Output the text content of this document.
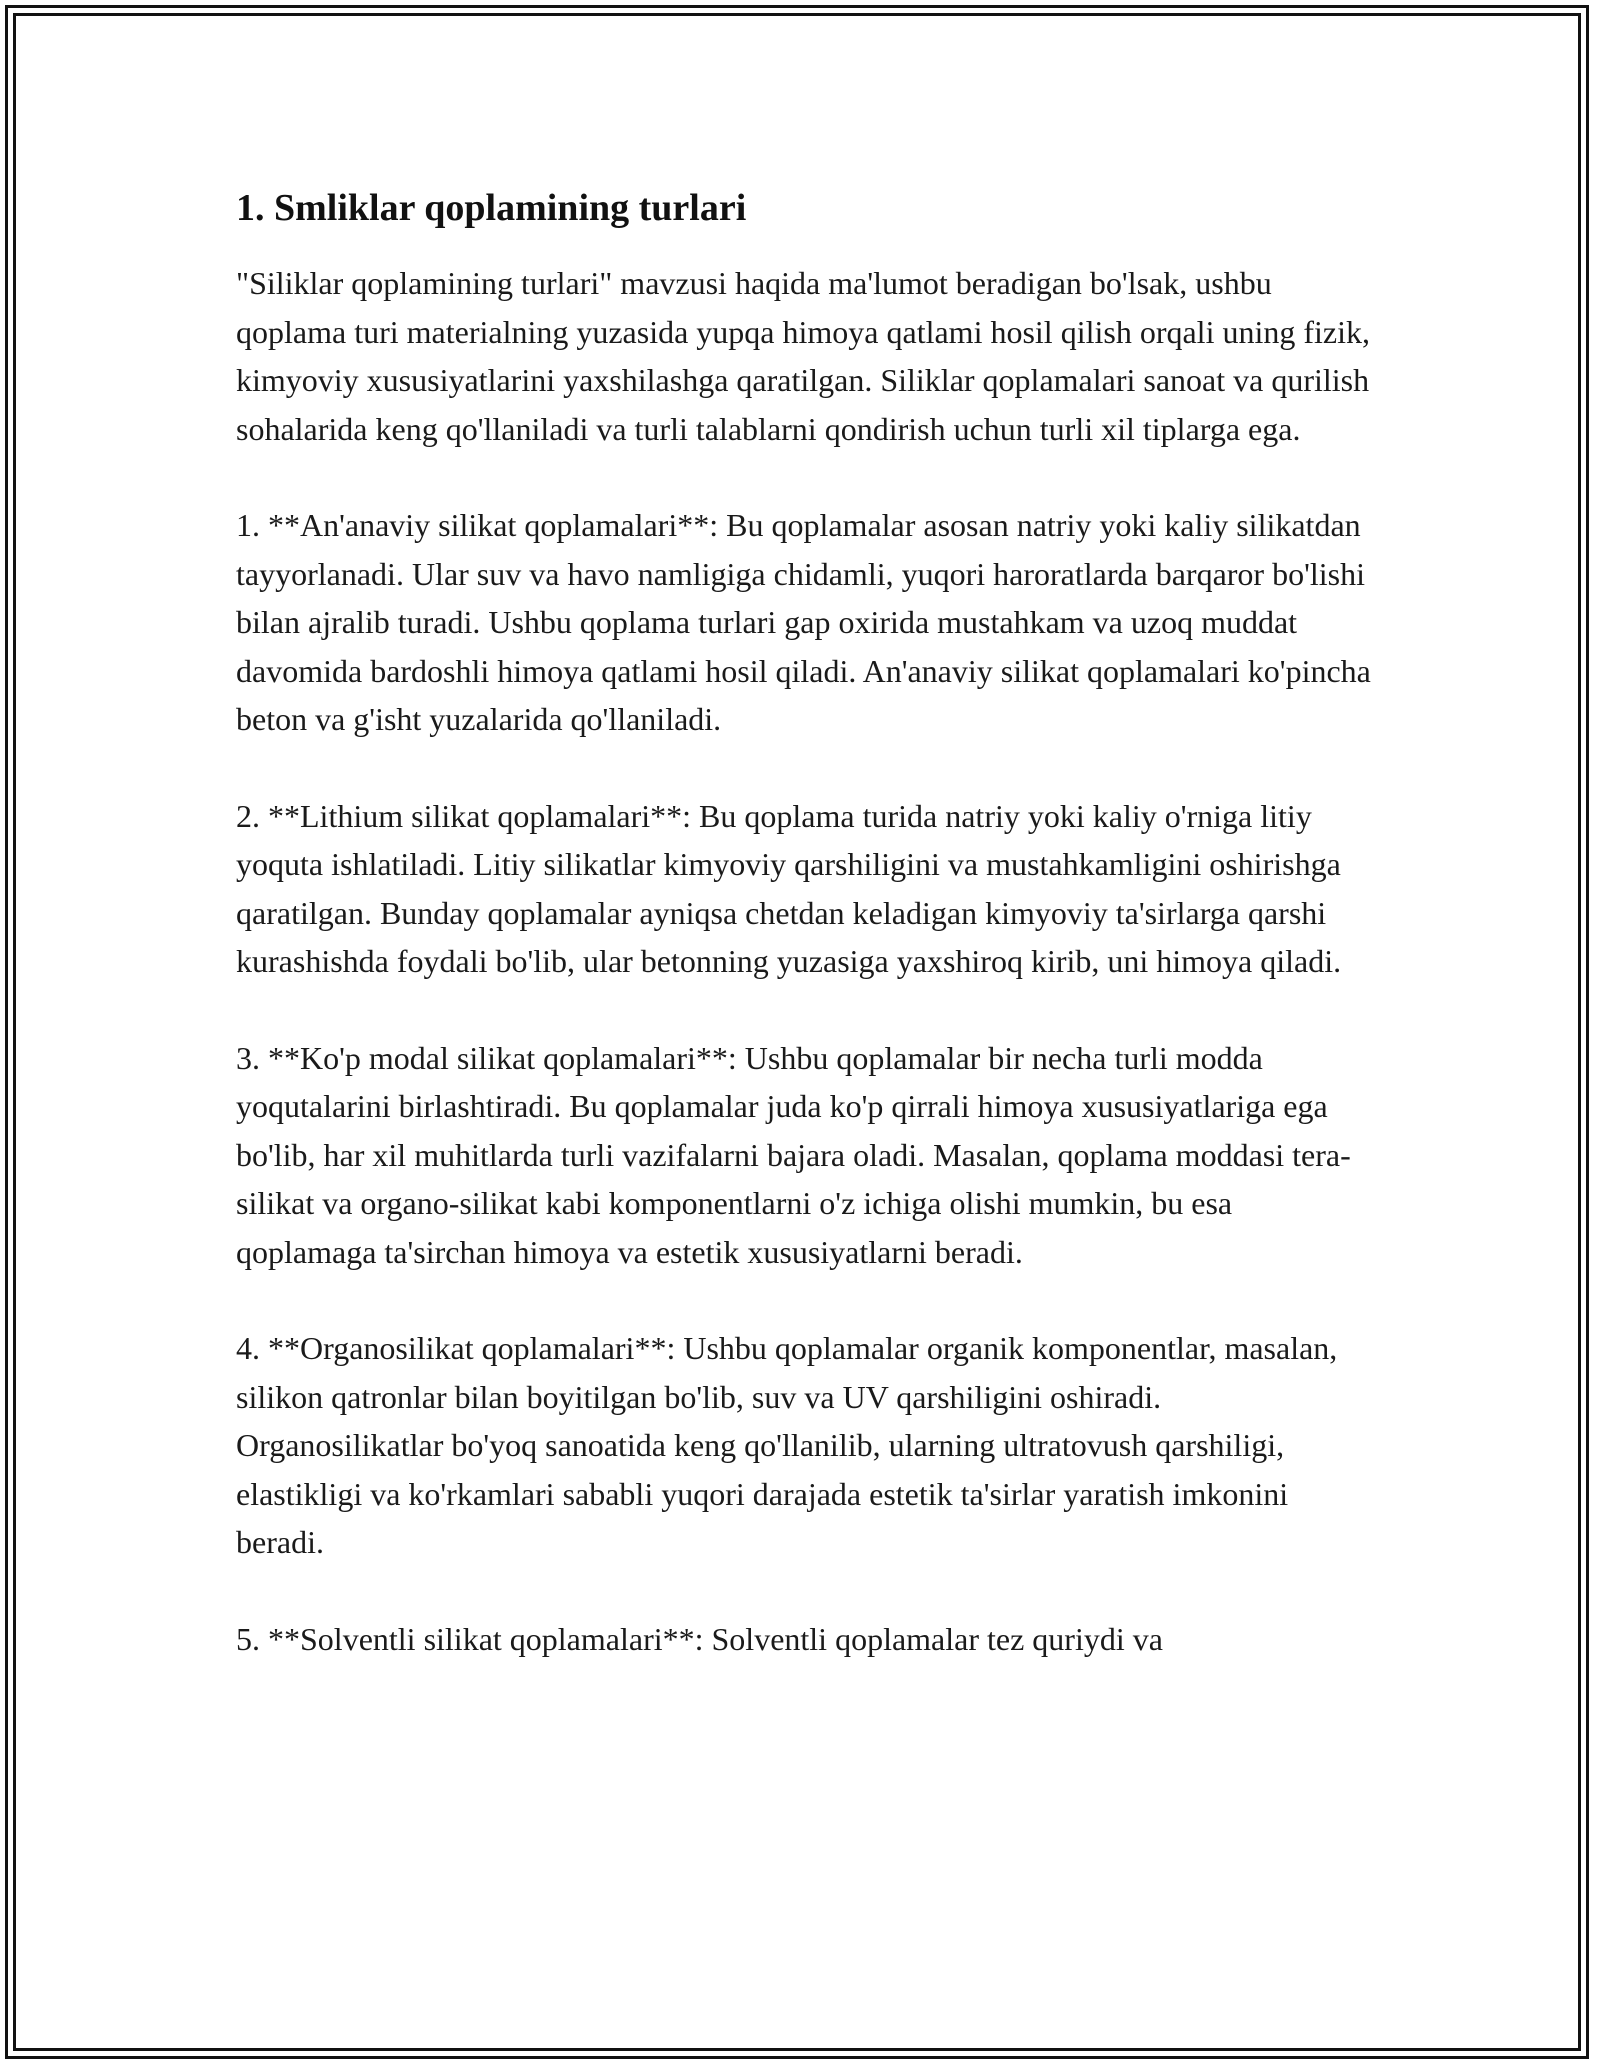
1. Smliklar qoplamining turlari

"Siliklar qoplamining turlari" mavzusi haqida ma'lumot beradigan bo'lsak, ushbu qoplama turi materialning yuzasida yupqa himoya qatlami hosil qilish orqali uning fizik, kimyoviy xususiyatlarini yaxshilashga qaratilgan. Siliklar qoplamalari sanoat va qurilish sohalarida keng qo'llaniladi va turli talablarni qondirish uchun turli xil tiplarga ega.

1. **An'anaviy silikat qoplamalari**: Bu qoplamalar asosan natriy yoki kaliy silikatdan tayyorlanadi. Ular suv va havo namligiga chidamli, yuqori haroratlarda barqaror bo'lishi bilan ajralib turadi. Ushbu qoplama turlari gap oxirida mustahkam va uzoq muddat davomida bardoshli himoya qatlami hosil qiladi. An'anaviy silikat qoplamalari ko'pincha beton va g'isht yuzalarida qo'llaniladi.

2. **Lithium silikat qoplamalari**: Bu qoplama turida natriy yoki kaliy o'rniga litiy yoquta ishlatiladi. Litiy silikatlar kimyoviy qarshiligini va mustahkamligini oshirishga qaratilgan. Bunday qoplamalar ayniqsa chetdan keladigan kimyoviy ta'sirlarga qarshi kurashishda foydali bo'lib, ular betonning yuzasiga yaxshiroq kirib, uni himoya qiladi.

3. **Ko'p modal silikat qoplamalari**: Ushbu qoplamalar bir necha turli modda yoqutalarini birlashtiradi. Bu qoplamalar juda ko'p qirrali himoya xususiyatlariga ega bo'lib, har xil muhitlarda turli vazifalarni bajara oladi. Masalan, qoplama moddasi tera-silikat va organo-silikat kabi komponentlarni o'z ichiga olishi mumkin, bu esa qoplamaga ta'sirchan himoya va estetik xususiyatlarni beradi.

4. **Organosilikat qoplamalari**: Ushbu qoplamalar organik komponentlar, masalan, silikon qatronlar bilan boyitilgan bo'lib, suv va UV qarshiligini oshiradi. Organosilikatlar bo'yoq sanoatida keng qo'llanilib, ularning ultratovush qarshiligi, elastikligi va ko'rkamlari sababli yuqori darajada estetik ta'sirlar yaratish imkonini beradi.

5. **Solventli silikat qoplamalari**: Solventli qoplamalar tez quriydi va
